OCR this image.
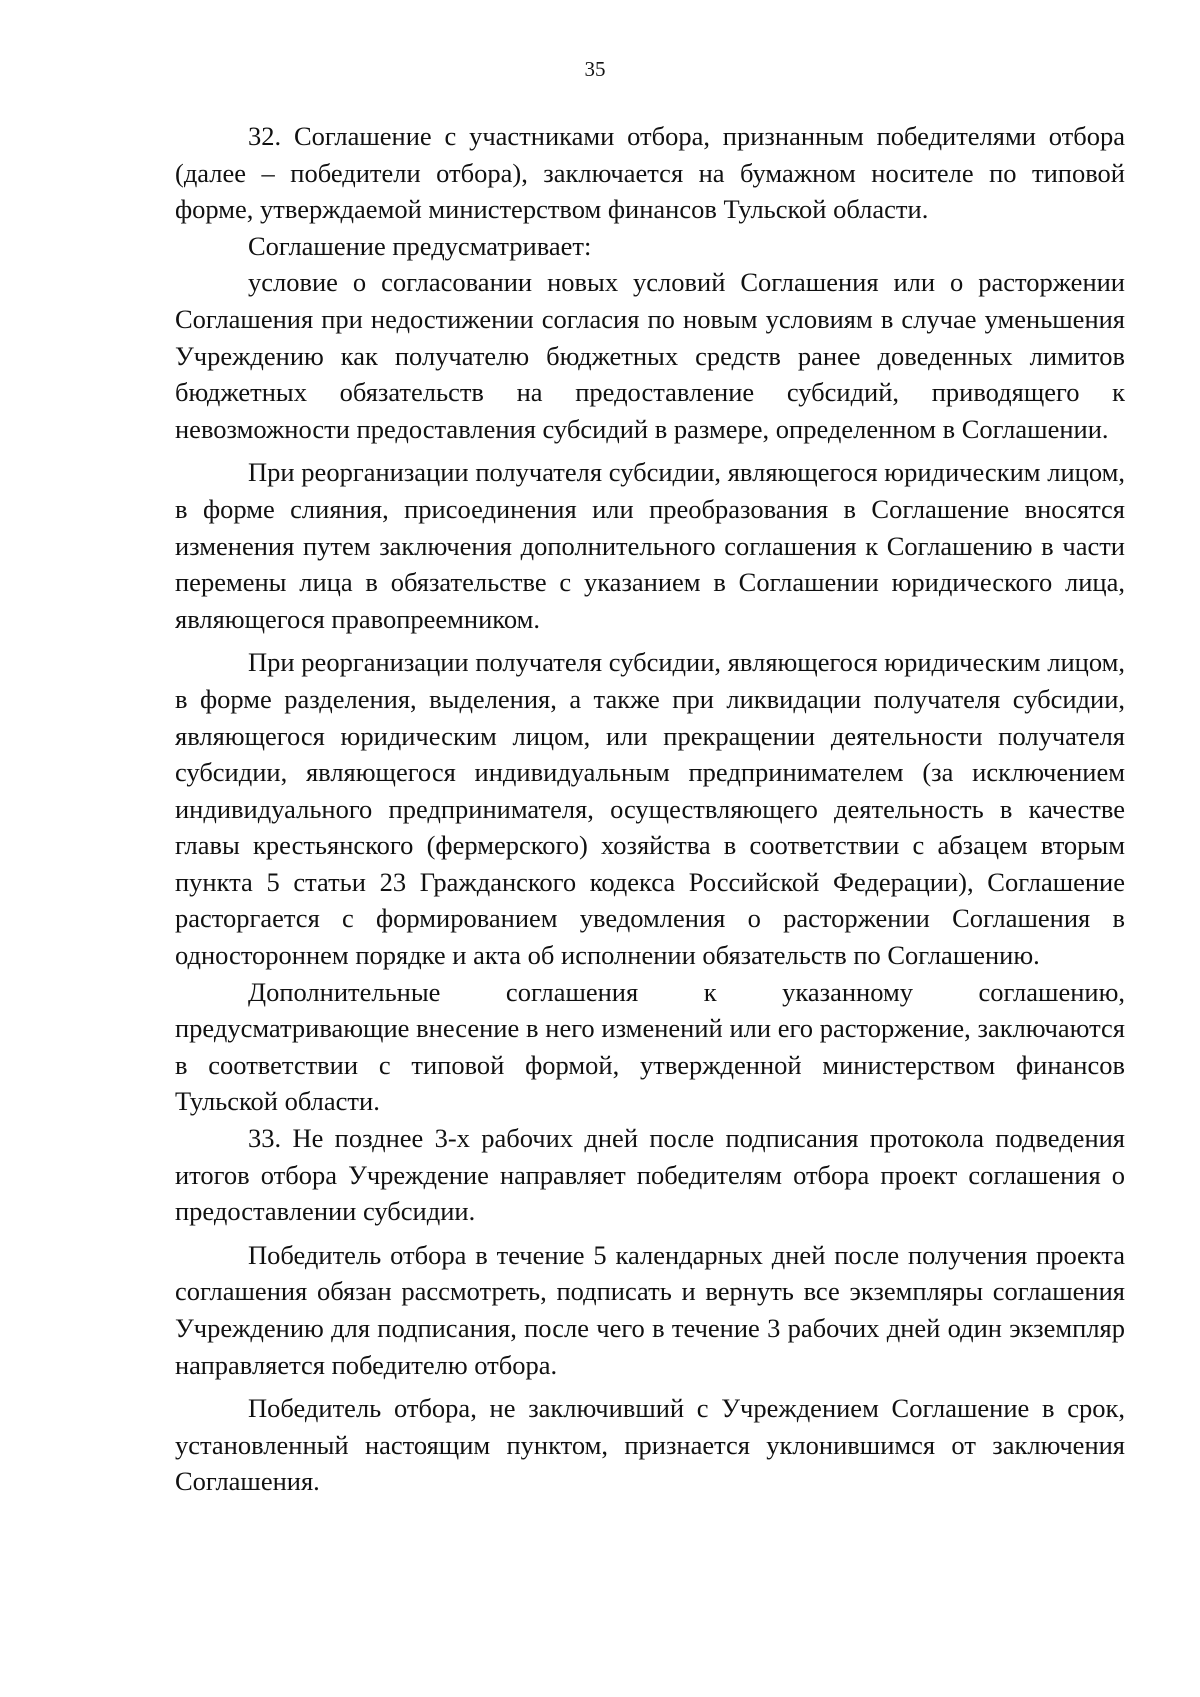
35

32. Соглашение с участниками отбора, признанным победителями отбора (далее – победители отбора), заключается на бумажном носителе по типовой форме, утверждаемой министерством финансов Тульской области.

Соглашение предусматривает:

условие о согласовании новых условий Соглашения или о расторжении Соглашения при недостижении согласия по новым условиям в случае уменьшения Учреждению как получателю бюджетных средств ранее доведенных лимитов бюджетных обязательств на предоставление субсидий, приводящего к невозможности предоставления субсидий в размере, определенном в Соглашении.

При реорганизации получателя субсидии, являющегося юридическим лицом, в форме слияния, присоединения или преобразования в Соглашение вносятся изменения путем заключения дополнительного соглашения к Соглашению в части перемены лица в обязательстве с указанием в Соглашении юридического лица, являющегося правопреемником.

При реорганизации получателя субсидии, являющегося юридическим лицом, в форме разделения, выделения, а также при ликвидации получателя субсидии, являющегося юридическим лицом, или прекращении деятельности получателя субсидии, являющегося индивидуальным предпринимателем (за исключением индивидуального предпринимателя, осуществляющего деятельность в качестве главы крестьянского (фермерского) хозяйства в соответствии с абзацем вторым пункта 5 статьи 23 Гражданского кодекса Российской Федерации), Соглашение расторгается с формированием уведомления о расторжении Соглашения в одностороннем порядке и акта об исполнении обязательств по Соглашению.

Дополнительные соглашения к указанному соглашению, предусматривающие внесение в него изменений или его расторжение, заключаются в соответствии с типовой формой, утвержденной министерством финансов Тульской области.

33. Не позднее 3-х рабочих дней после подписания протокола подведения итогов отбора Учреждение направляет победителям отбора проект соглашения о предоставлении субсидии.

Победитель отбора в течение 5 календарных дней после получения проекта соглашения обязан рассмотреть, подписать и вернуть все экземпляры соглашения Учреждению для подписания, после чего в течение 3 рабочих дней один экземпляр направляется победителю отбора.

Победитель отбора, не заключивший с Учреждением Соглашение в срок, установленный настоящим пунктом, признается уклонившимся от заключения Соглашения.
